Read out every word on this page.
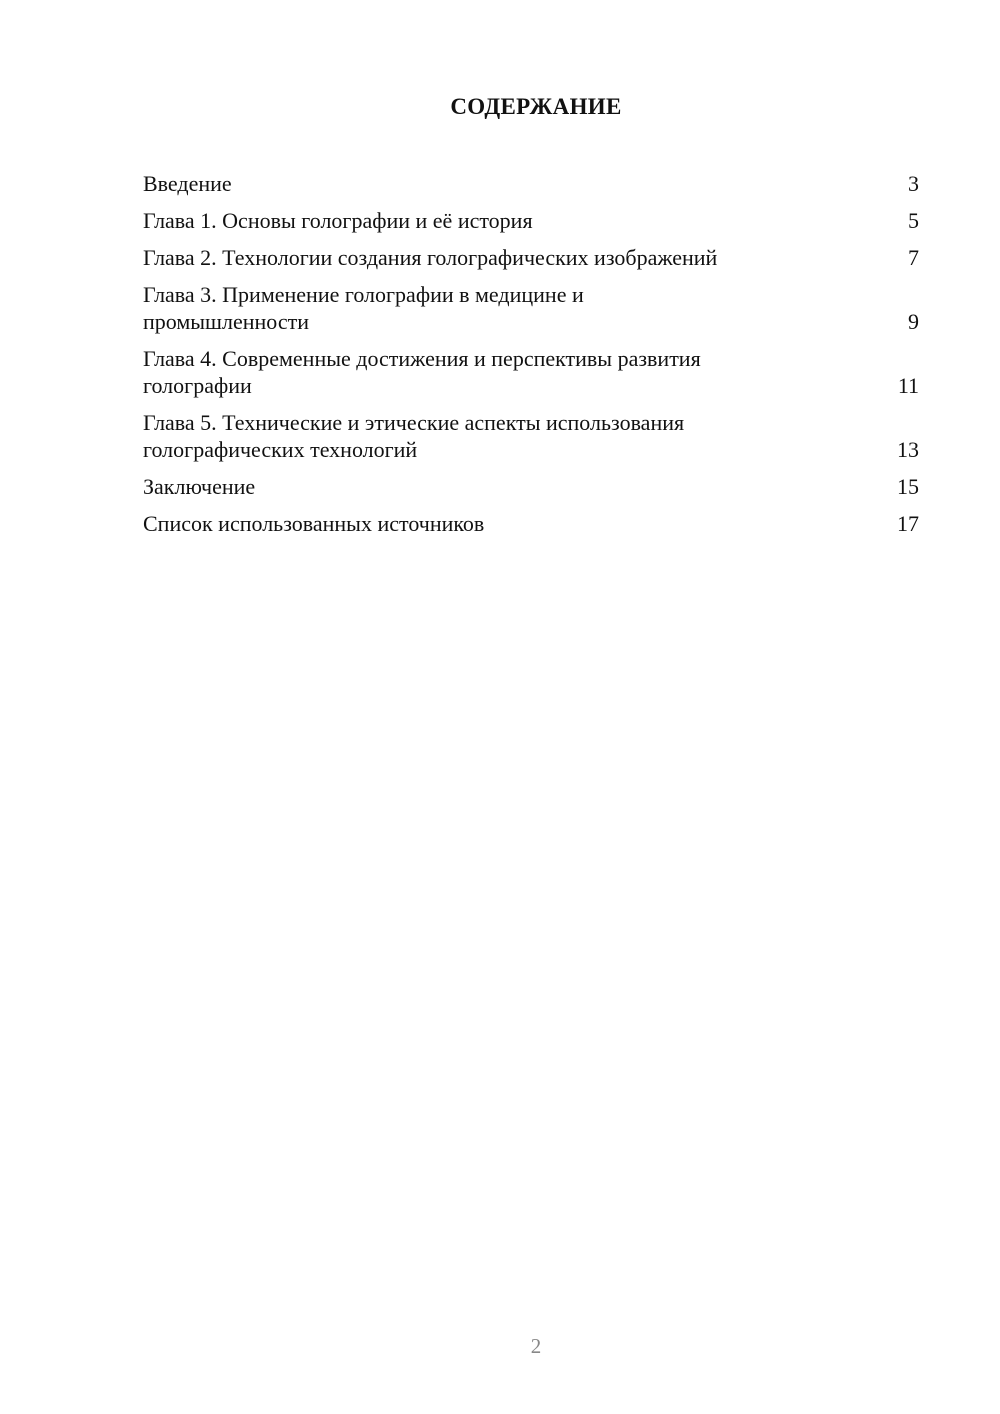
СОДЕРЖАНИЕ
Введение	3
Глава 1. Основы голографии и её история	5
Глава 2. Технологии создания голографических изображений	7
Глава 3. Применение голографии в медицине и
промышленности	9
Глава 4. Современные достижения и перспективы развития
голографии	11
Глава 5. Технические и этические аспекты использования
голографических технологий	13
Заключение	15
Список использованных источников	17
2
